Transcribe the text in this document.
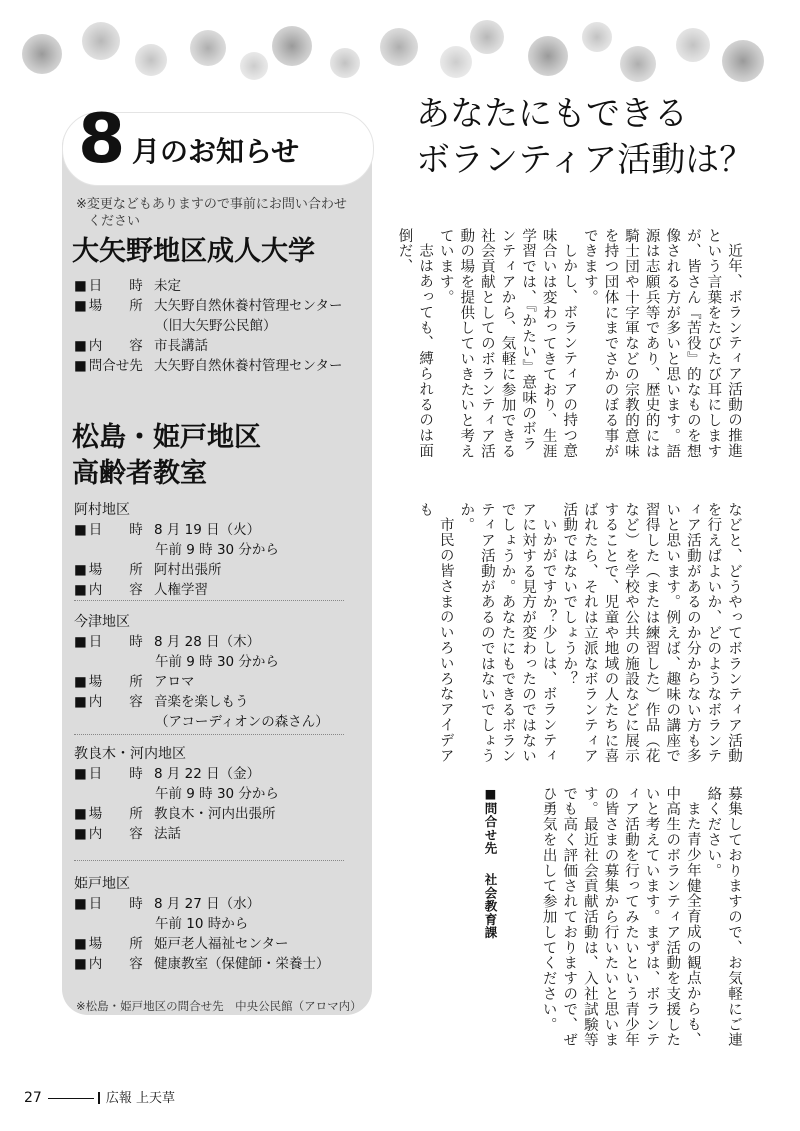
8 月のお知らせ
※変更などもありますので事前にお問い合わせ
ください
大矢野地区成人大学
■ 日　　時 未定
■ 場　　所 大矢野自然休養村管理センター
（旧大矢野公民館）
■ 内　　容 市長講話
■ 問合せ先 大矢野自然休養村管理センター
松島・姫戸地区
高齢者教室
阿村地区
■ 日　　時 8 月 19 日（火）
午前 9 時 30 分から
■ 場　　所 阿村出張所
■ 内　　容 人権学習
今津地区
■ 日　　時 8 月 28 日（木）
午前 9 時 30 分から
■ 場　　所 アロマ
■ 内　　容 音楽を楽しもう
（アコーディオンの森さん）
教良木・河内地区
■ 日　　時 8 月 22 日（金）
午前 9 時 30 分から
■ 場　　所 教良木・河内出張所
■ 内　　容 法話
姫戸地区
■ 日　　時 8 月 27 日（水）
午前 10 時から
■ 場　　所 姫戸老人福祉センター
■ 内　　容 健康教室（保健師・栄養士）
※松島・姫戸地区の問合せ先　中央公民館（アロマ内）
あなたにもできる
ボランティア活動は？

近年、ボランティア活動の推進という言葉をたびたび耳にしますが、皆さん『苦役』的なものを想像される方が多いと思います。語源は志願兵等であり、歴史的には騎士団や十字軍などの宗教的意味を持つ団体にまでさかのぼる事ができます。

しかし、ボランティアの持つ意味合いは変わってきており、生涯学習では、『かたい』意味のボランティアから、気軽に参加できる社会貢献としてのボランティア活動の場を提供していきたいと考えています。

志はあっても、縛られるのは面倒だ、

などと、どうやってボランティア活動を行えばよいか、どのようなボランティア活動があるのか分からない方も多いと思います。例えば、趣味の講座で習得した（または練習した）作品（花など）を学校や公共の施設などに展示することで、児童や地域の人たちに喜ばれたら、それは立派なボランティア活動ではないでしょうか？

いかがですか？少しは、ボランティアに対する見方が変わったのではないでしょうか。あなたにもできるボランティア活動があるのではないでしょうか。

市民の皆さまのいろいろなアイデアも

募集しておりますので、お気軽にご連絡ください。

また青少年健全育成の観点からも、中高生のボランティア活動を支援したいと考えています。まずは、ボランティア活動を行ってみたいという青少年の皆さまの募集から行いたいと思います。最近社会貢献活動は、入社試験等でも高く評価されておりますので、ぜひ勇気を出して参加してください。

■問合せ先社会教育課
27	広報 上天草
